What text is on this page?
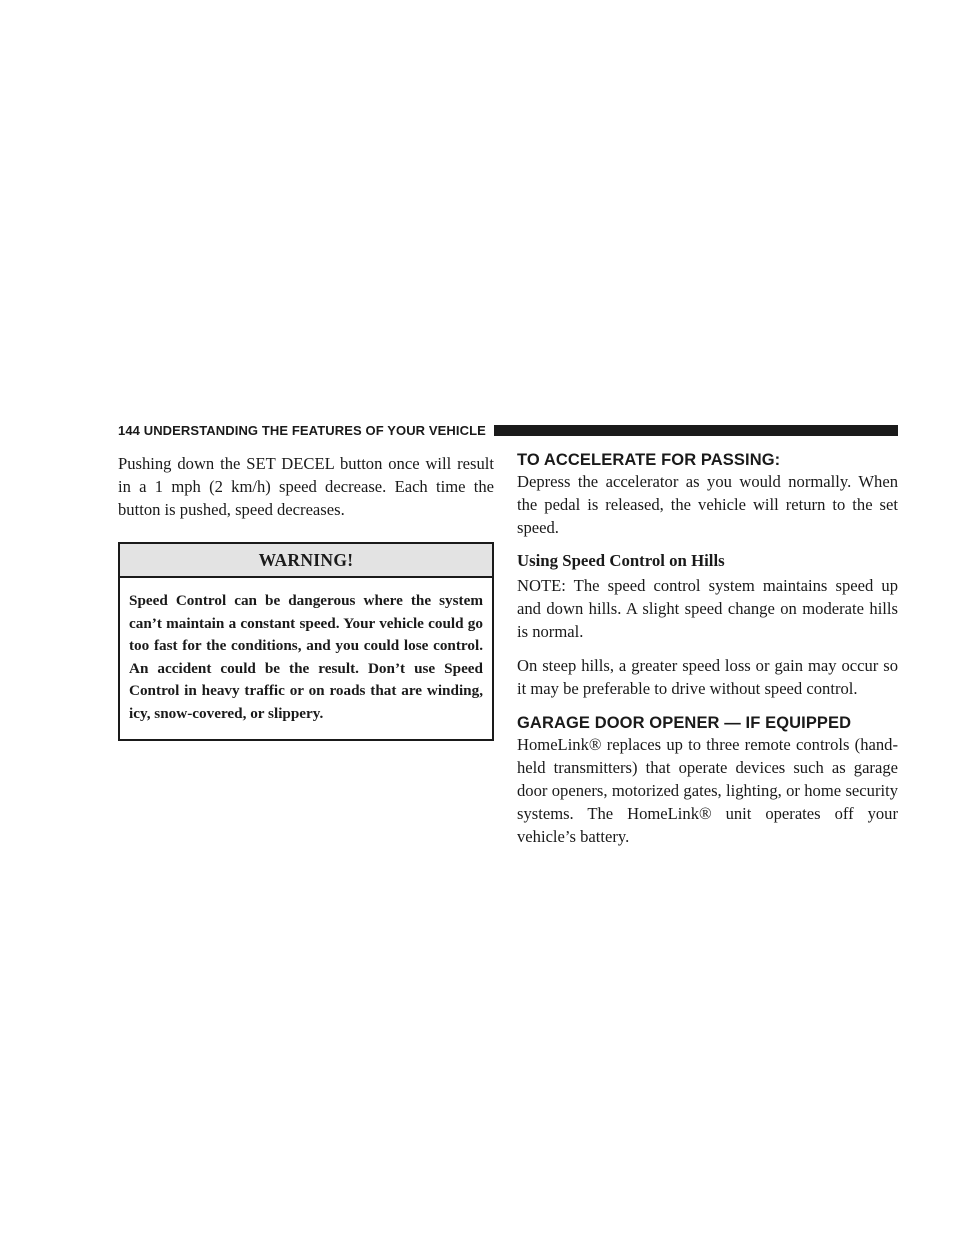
144 UNDERSTANDING THE FEATURES OF YOUR VEHICLE

Pushing down the SET DECEL button once will result in a 1 mph (2 km/h) speed decrease. Each time the button is pushed, speed decreases.

WARNING!
Speed Control can be dangerous where the system can’t maintain a constant speed. Your vehicle could go too fast for the conditions, and you could lose control. An accident could be the result. Don’t use Speed Control in heavy traffic or on roads that are winding, icy, snow-covered, or slippery.
TO ACCELERATE FOR PASSING:

Depress the accelerator as you would normally. When the pedal is released, the vehicle will return to the set speed.

Using Speed Control on Hills

NOTE: The speed control system maintains speed up and down hills. A slight speed change on moderate hills is normal.

On steep hills, a greater speed loss or gain may occur so it may be preferable to drive without speed control.

GARAGE DOOR OPENER — IF EQUIPPED

HomeLink® replaces up to three remote controls (hand-held transmitters) that operate devices such as garage door openers, motorized gates, lighting, or home security systems. The HomeLink® unit operates off your vehicle’s battery.
